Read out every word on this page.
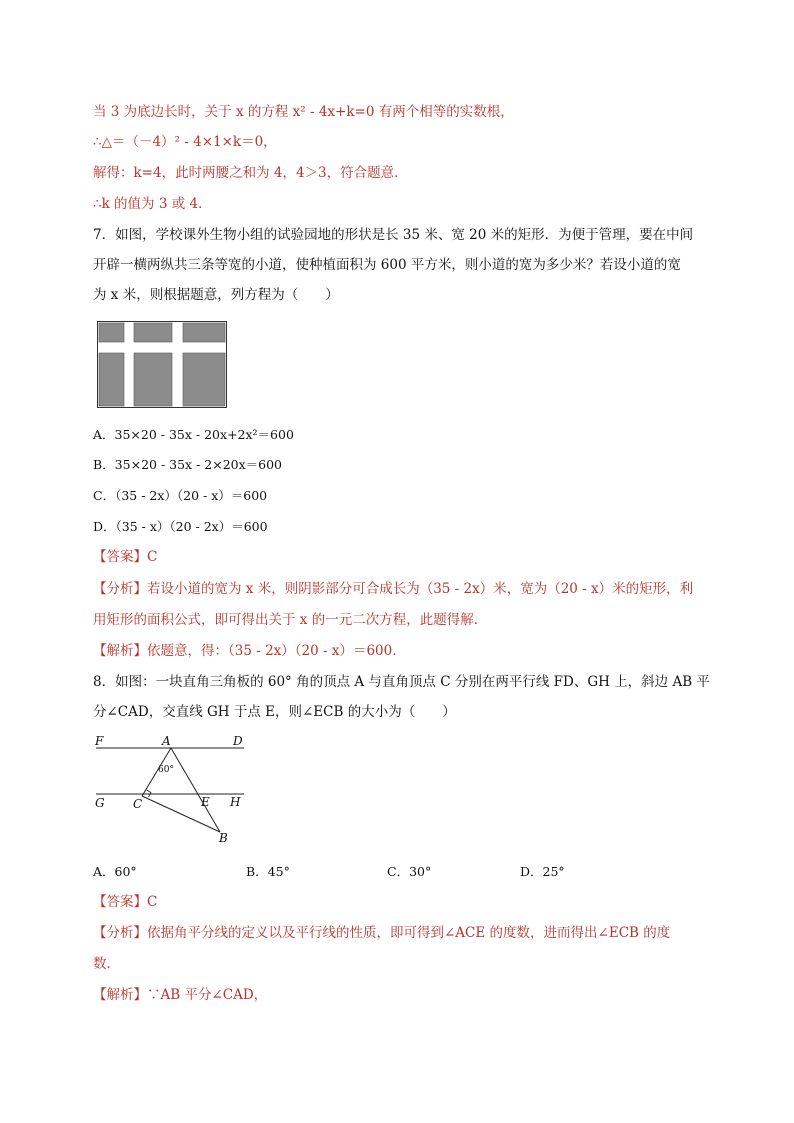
当 3 为底边长时，关于 x 的方程 x² - 4x+k=0 有两个相等的实数根，
∴△＝（－4）² - 4×1×k＝0，
解得：k=4，此时两腰之和为 4，4＞3，符合题意．
∴k 的值为 3 或 4．
7．如图，学校课外生物小组的试验园地的形状是长 35 米、宽 20 米的矩形．为便于管理，要在中间
开辟一横两纵共三条等宽的小道，使种植面积为 600 平方米，则小道的宽为多少米？若设小道的宽
为 x 米，则根据题意，列方程为（　　）
A．35×20 - 35x - 20x+2x²＝600
B．35×20 - 35x - 2×20x＝600
C．（35 - 2x）（20 - x）＝600
D．（35 - x）（20 - 2x）＝600
【答案】C
【分析】若设小道的宽为 x 米，则阴影部分可合成长为（35 - 2x）米，宽为（20 - x）米的矩形，利
用矩形的面积公式，即可得出关于 x 的一元二次方程，此题得解．
【解析】依题意，得：（35 - 2x）（20 - x）＝600．
8．如图：一块直角三角板的 60° 角的顶点 A 与直角顶点 C 分别在两平行线 FD、GH 上，斜边 AB 平
分∠CAD，交直线 GH 于点 E，则∠ECB 的大小为（　　）
F	A	D
60°
G C	E H
B
A．60°	B．45°	C．30°	D．25°
【答案】C
【分析】依据角平分线的定义以及平行线的性质，即可得到∠ACE 的度数，进而得出∠ECB 的度
数．
【解析】∵AB 平分∠CAD，
